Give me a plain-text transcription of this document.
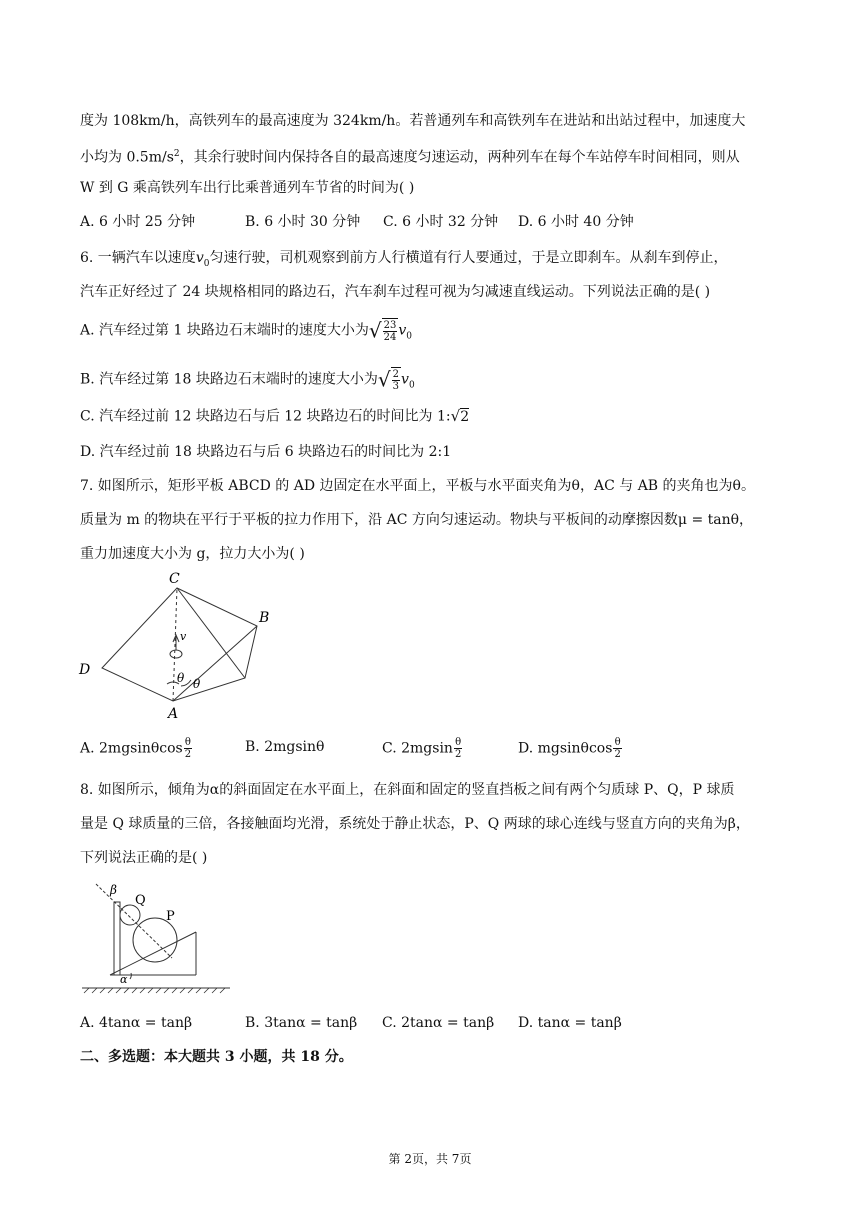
度为 108km/h，高铁列车的最高速度为 324km/h。若普通列车和高铁列车在进站和出站过程中，加速度大
小均为 $0.5m/s^2$，其余行驶时间内保持各自的最高速度匀速运动，两种列车在每个车站停车时间相同，则从
W 到 G 乘高铁列车出行比乘普通列车节省的时间为( )
A. 6 小时 25 分钟	B. 6 小时 30 分钟 C. 6 小时 32 分钟 D. 6 小时 40 分钟
6. 一辆汽车以速度$v_0$匀速行驶，司机观察到前方人行横道有行人要通过，于是立即刹车。从刹车到停止，
汽车正好经过了 24 块规格相同的路边石，汽车刹车过程可视为匀减速直线运动。下列说法正确的是( )
A. 汽车经过第 1 块路边石末端时的速度大小为√ $\frac{23}{24} v_0$
B. 汽车经过第 18 块路边石末端时的速度大小为√ $\frac{2}{3} v_0$
C. 汽车经过前 12 块路边石与后 12 块路边石的时间比为 1:√2
D. 汽车经过前 18 块路边石与后 6 块路边石的时间比为 2:1
7. 如图所示，矩形平板 ABCD 的 AD 边固定在水平面上，平板与水平面夹角为θ，AC 与 AB 的夹角也为θ。
质量为 m 的物块在平行于平板的拉力作用下，沿 AC 方向匀速运动。物块与平板间的动摩擦因数μ = tanθ，
重力加速度大小为 g，拉力大小为( )
C
B
D
A
v
θ θ
A. $2mgsin\theta\cos \frac{\theta}{2}$	B. 2mgsinθ	C. $2mgsin \frac{\theta}{2}$	D. mgsinθcos $\frac{\theta}{2}$
8. 如图所示，倾角为α的斜面固定在水平面上，在斜面和固定的竖直挡板之间有两个匀质球 P、Q，P 球质
量是 Q 球质量的三倍，各接触面均光滑，系统处于静止状态，P、Q 两球的球心连线与竖直方向的夹角为β，
下列说法正确的是( )
β
Q
P
α
A. 4tanα = tanβ	B. 3tanα = tanβ C. 2tanα = tanβ D. tanα = tanβ
二、多选题：本大题共 3 小题，共 18 分。
第 2页，共 7页
